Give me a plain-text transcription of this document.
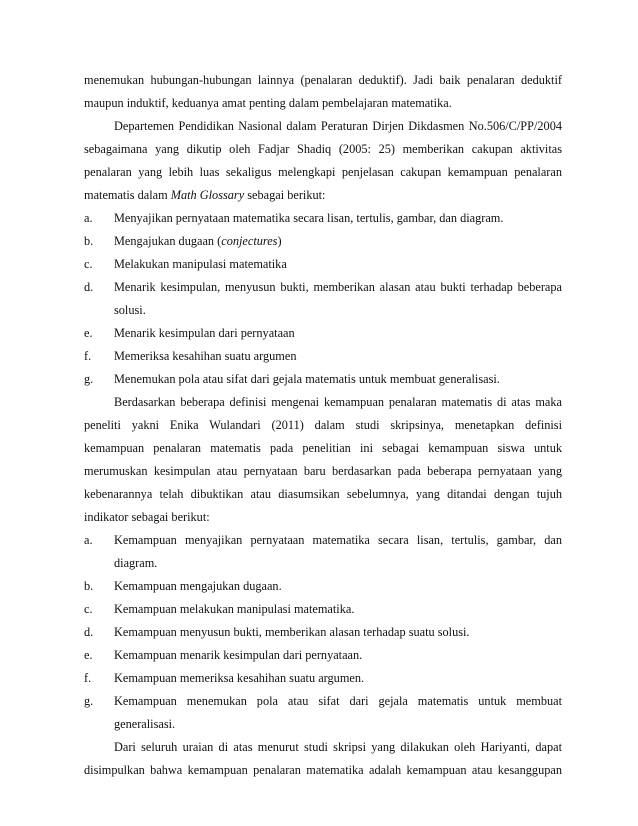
menemukan hubungan-hubungan lainnya (penalaran deduktif). Jadi baik penalaran deduktif
maupun induktif, keduanya amat penting dalam pembelajaran matematika.
Departemen Pendidikan Nasional dalam Peraturan Dirjen Dikdasmen No.506/C/PP/2004
sebagaimana yang dikutip oleh Fadjar Shadiq (2005: 25) memberikan cakupan aktivitas
penalaran yang lebih luas sekaligus melengkapi penjelasan cakupan kemampuan penalaran
matematis dalam Math Glossary sebagai berikut:
a. Menyajikan pernyataan matematika secara lisan, tertulis, gambar, dan diagram.
b. Mengajukan dugaan (conjectures)
c. Melakukan manipulasi matematika
d.	Menarik kesimpulan, menyusun bukti, memberikan alasan atau bukti terhadap beberapa
solusi.
e. Menarik kesimpulan dari pernyataan
f. Memeriksa kesahihan suatu argumen
g. Menemukan pola atau sifat dari gejala matematis untuk membuat generalisasi.
Berdasarkan beberapa definisi mengenai kemampuan penalaran matematis di atas maka
peneliti yakni Enika Wulandari (2011) dalam studi skripsinya, menetapkan definisi
kemampuan penalaran matematis pada penelitian ini sebagai kemampuan siswa untuk
merumuskan kesimpulan atau pernyataan baru berdasarkan pada beberapa pernyataan yang
kebenarannya telah dibuktikan atau diasumsikan sebelumnya, yang ditandai dengan tujuh
indikator sebagai berikut:
a.	Kemampuan menyajikan pernyataan matematika secara lisan, tertulis, gambar, dan
diagram.
b. Kemampuan mengajukan dugaan.
c. Kemampuan melakukan manipulasi matematika.
d. Kemampuan menyusun bukti, memberikan alasan terhadap suatu solusi.
e. Kemampuan menarik kesimpulan dari pernyataan.
f. Kemampuan memeriksa kesahihan suatu argumen.
g.	Kemampuan menemukan pola atau sifat dari gejala matematis untuk membuat
generalisasi.
Dari seluruh uraian di atas menurut studi skripsi yang dilakukan oleh Hariyanti, dapat
disimpulkan bahwa kemampuan penalaran matematika adalah kemampuan atau kesanggupan
